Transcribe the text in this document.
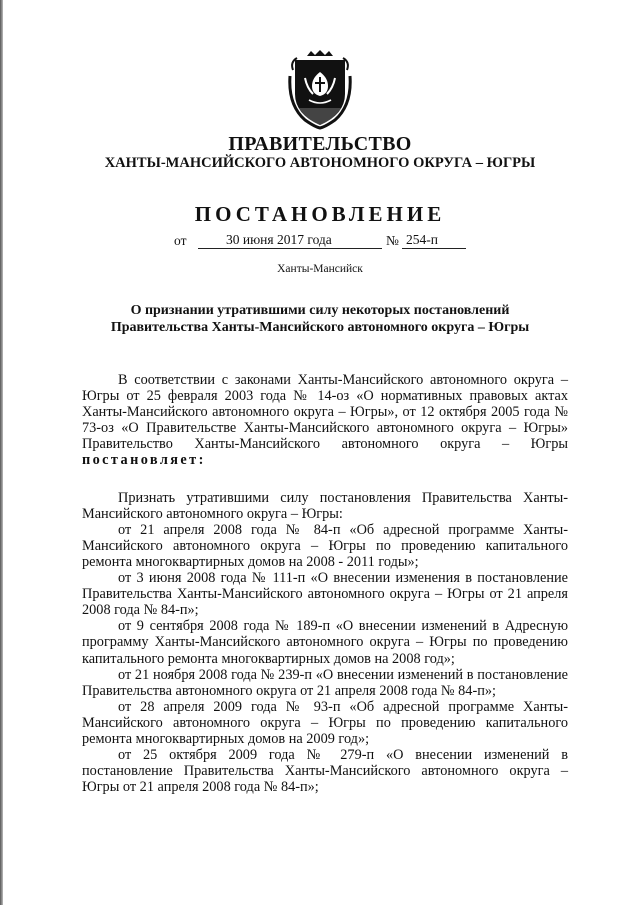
ПРАВИТЕЛЬСТВО
ХАНТЫ-МАНСИЙСКОГО АВТОНОМНОГО ОКРУГА – ЮГРЫ
ПОСТАНОВЛЕНИЕ
от	30 июня 2017 года	№ 254-п
Ханты-Мансийск
О признании утратившими силу некоторых постановлений
Правительства Ханты-Мансийского автономного округа – Югры

В соответствии с законами Ханты-Мансийского автономного округа – Югры от 25 февраля 2003 года № 14-оз «О нормативных правовых актах Ханты-Мансийского автономного округа – Югры», от 12 октября 2005 года № 73-оз «О Правительстве Ханты-Мансийского автономного округа – Югры» Правительство Ханты-Мансийского автономного округа – Югры постановляет:

Признать утратившими силу постановления Правительства Ханты-Мансийского автономного округа – Югры:

от 21 апреля 2008 года № 84-п «Об адресной программе Ханты-Мансийского автономного округа – Югры по проведению капитального ремонта многоквартирных домов на 2008 - 2011 годы»;

от 3 июня 2008 года № 111-п «О внесении изменения в постановление Правительства Ханты-Мансийского автономного округа – Югры от 21 апреля 2008 года № 84-п»;

от 9 сентября 2008 года № 189-п «О внесении изменений в Адресную программу Ханты-Мансийского автономного округа – Югры по проведению капитального ремонта многоквартирных домов на 2008 год»;

от 21 ноября 2008 года № 239-п «О внесении изменений в постановление Правительства автономного округа от 21 апреля 2008 года № 84-п»;

от 28 апреля 2009 года № 93-п «Об адресной программе Ханты-Мансийского автономного округа – Югры по проведению капитального ремонта многоквартирных домов на 2009 год»;

от 25 октября 2009 года № 279-п «О внесении изменений в постановление Правительства Ханты-Мансийского автономного округа – Югры от 21 апреля 2008 года № 84-п»;
